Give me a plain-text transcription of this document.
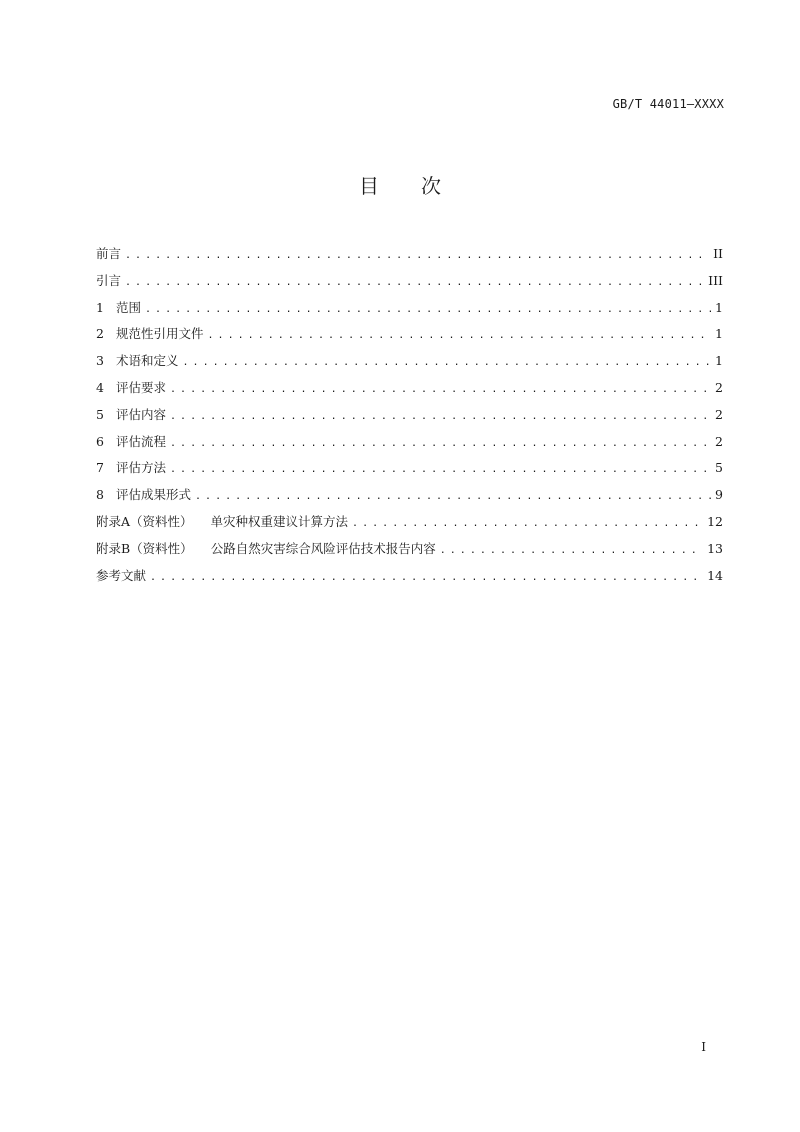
GB/T 44011—XXXX
目 次
前言 . . .	II
引言 . . .	III
1 范围 . . .	1
2 规范性引用文件 . . .	1
3 术语和定义 . . .	1
4 评估要求 . . .	2
5 评估内容 . . .	2
6 评估流程 . . .	2
7 评估方法 . . .	5
8 评估成果形式 . . .	9
附录A（资料性） 单灾种权重建议计算方法 . . .	12
附录B（资料性） 公路自然灾害综合风险评估技术报告内容 . . .	13
参考文献 . . .	14
I
